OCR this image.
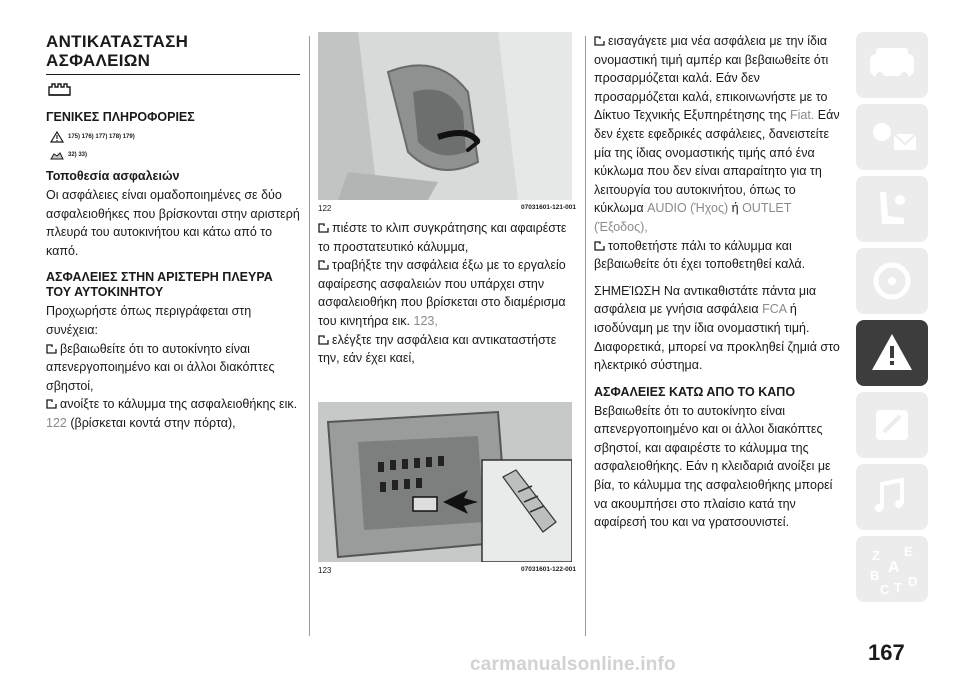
ΑΝΤΙΚΑΤΑΣΤΑΣΗ
ΑΣΦΑΛΕΙΩΝ
ΓΕΝΙΚΕΣ ΠΛΗΡΟΦΟΡΙΕΣ
175) 176) 177) 178) 179)
32) 33)
Τοποθεσία ασφαλειών

Οι ασφάλειες είναι ομαδοποιημένες σε δύο ασφαλειοθήκες που βρίσκονται στην αριστερή πλευρά του αυτοκινήτου και κάτω από το καπό.

ΑΣΦΑΛΕΙΕΣ ΣΤΗΝ ΑΡΙΣΤΕΡΗ ΠΛΕΥΡΑ ΤΟΥ ΑΥΤΟΚΙΝΗΤΟΥ

Προχωρήστε όπως περιγράφεται στη συνέχεια:

βεβαιωθείτε ότι το αυτοκίνητο είναι απενεργοποιημένο και οι άλλοι διακόπτες σβηστοί,

ανοίξτε το κάλυμμα της ασφαλειοθήκης εικ. 122 (βρίσκεται κοντά στην πόρτα),

122	07031601-121-001

πιέστε το κλιπ συγκράτησης και αφαιρέστε το προστατευτικό κάλυμμα,

τραβήξτε την ασφάλεια έξω με το εργαλείο αφαίρεσης ασφαλειών που υπάρχει στην ασφαλειοθήκη που βρίσκεται στο διαμέρισμα του κινητήρα εικ. 123,

ελέγξτε την ασφάλεια και αντικαταστήστε την, εάν έχει καεί,

123	07031601-122-001

εισαγάγετε μια νέα ασφάλεια με την ίδια ονομαστική τιμή αμπέρ και βεβαιωθείτε ότι προσαρμόζεται καλά. Εάν δεν προσαρμόζεται καλά, επικοινωνήστε με το Δίκτυο Τεχνικής Εξυπηρέτησης της Fiat. Εάν δεν έχετε εφεδρικές ασφάλειες, δανειστείτε μία της ίδιας ονομαστικής τιμής από ένα κύκλωμα που δεν είναι απαραίτητο για τη λειτουργία του αυτοκινήτου, όπως το κύκλωμα AUDIO (Ήχος) ή OUTLET (Έξοδος),

τοποθετήστε πάλι το κάλυμμα και βεβαιωθείτε ότι έχει τοποθετηθεί καλά.

ΣΗΜΕΊΩΣΗ Να αντικαθιστάτε πάντα μια ασφάλεια με γνήσια ασφάλεια FCA ή ισοδύναμη με την ίδια ονομαστική τιμή. Διαφορετικά, μπορεί να προκληθεί ζημιά στο ηλεκτρικό σύστημα.

ΑΣΦΑΛΕΙΕΣ ΚΑΤΩ ΑΠΟ ΤΟ ΚΑΠΟ

Βεβαιωθείτε ότι το αυτοκίνητο είναι απενεργοποιημένο και οι άλλοι διακόπτες σβηστοί, και αφαιρέστε το κάλυμμα της ασφαλειοθήκης. Εάν η κλειδαριά ανοίξει με βία, το κάλυμμα της ασφαλειοθήκης μπορεί να ακουμπήσει στο πλαίσιο κατά την αφαίρεσή του και να γρατσουνιστεί.

Z E
B A
C T D
167
carmanualsonline.info
